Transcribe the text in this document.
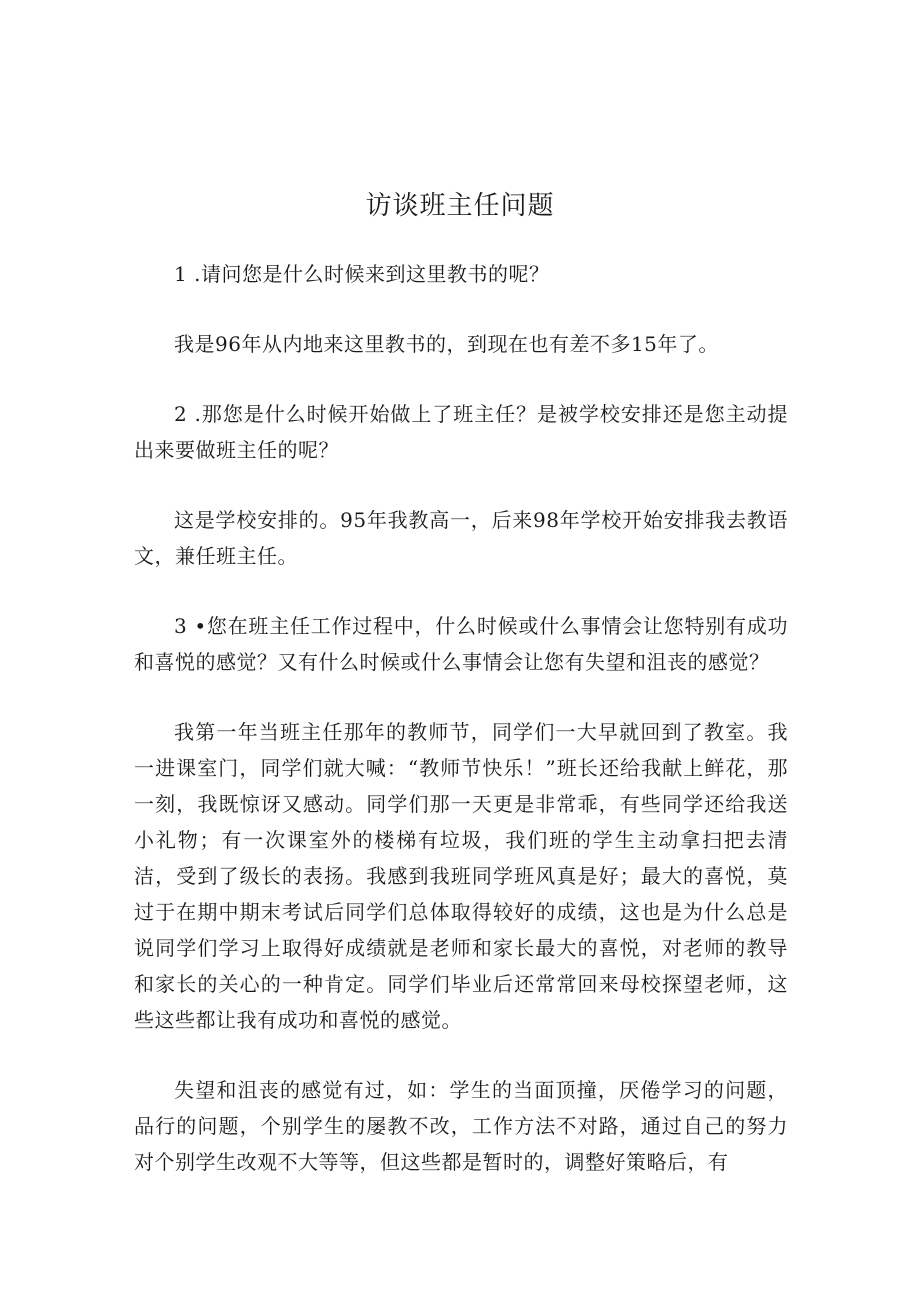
访谈班主任问题

1 .请问您是什么时候来到这里教书的呢？

我是96年从内地来这里教书的，到现在也有差不多15年了。

2 .那您是什么时候开始做上了班主任？是被学校安排还是您主动提出来要做班主任的呢？

这是学校安排的。95年我教高一，后来98年学校开始安排我去教语文，兼任班主任。

3 •您在班主任工作过程中，什么时候或什么事情会让您特别有成功和喜悦的感觉？又有什么时候或什么事情会让您有失望和沮丧的感觉？

我第一年当班主任那年的教师节，同学们一大早就回到了教室。我一进课室门，同学们就大喊：“教师节快乐！”班长还给我献上鲜花，那一刻，我既惊讶又感动。同学们那一天更是非常乖，有些同学还给我送小礼物；有一次课室外的楼梯有垃圾，我们班的学生主动拿扫把去清洁，受到了级长的表扬。我感到我班同学班风真是好；最大的喜悦，莫过于在期中期末考试后同学们总体取得较好的成绩，这也是为什么总是说同学们学习上取得好成绩就是老师和家长最大的喜悦，对老师的教导和家长的关心的一种肯定。同学们毕业后还常常回来母校探望老师，这些这些都让我有成功和喜悦的感觉。

失望和沮丧的感觉有过，如：学生的当面顶撞，厌倦学习的问题，品行的问题，个别学生的屡教不改，工作方法不对路，通过自己的努力对个别学生改观不大等等，但这些都是暂时的，调整好策略后，有
